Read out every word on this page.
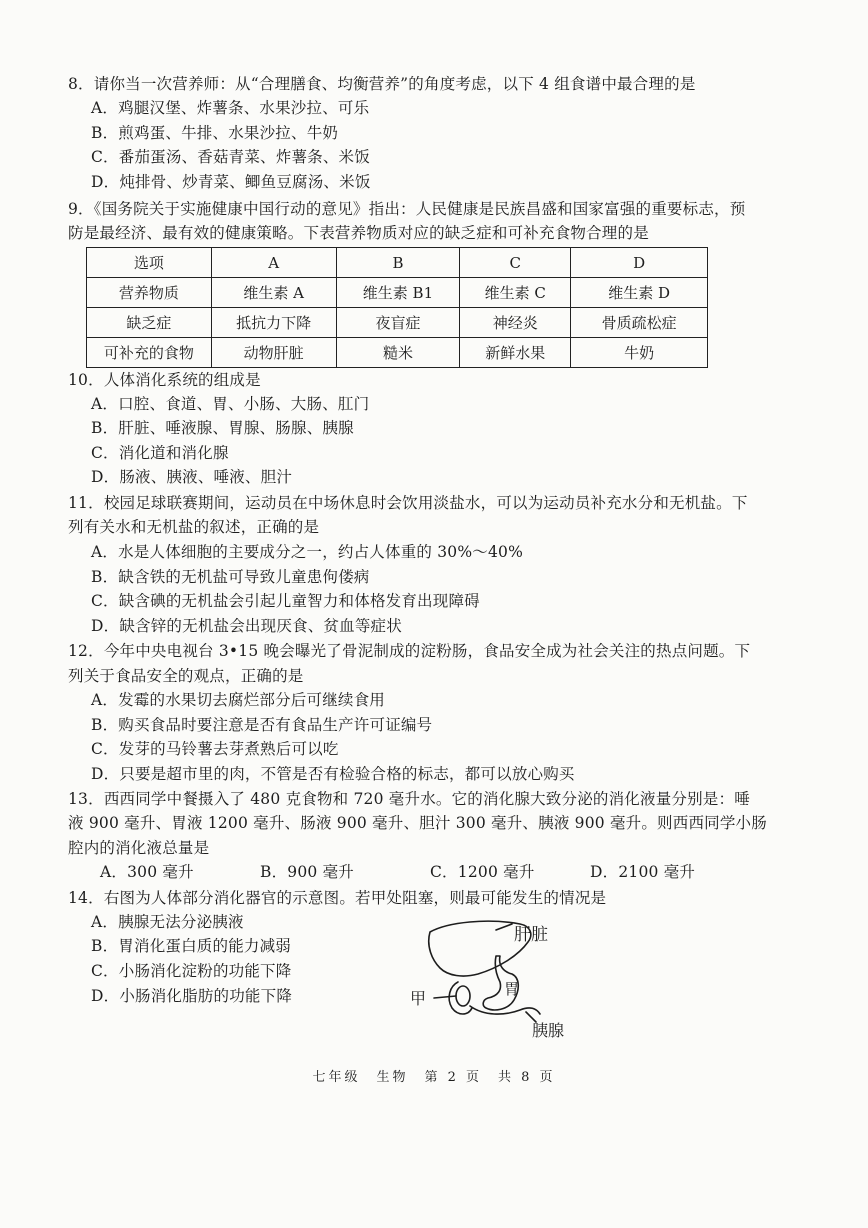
8．请你当一次营养师：从“合理膳食、均衡营养”的角度考虑，以下 4 组食谱中最合理的是
A．鸡腿汉堡、炸薯条、水果沙拉、可乐
B．煎鸡蛋、牛排、水果沙拉、牛奶
C．番茄蛋汤、香菇青菜、炸薯条、米饭
D．炖排骨、炒青菜、鲫鱼豆腐汤、米饭
9．《国务院关于实施健康中国行动的意见》指出：人民健康是民族昌盛和国家富强的重要标志，预
防是最经济、最有效的健康策略。下表营养物质对应的缺乏症和可补充食物合理的是
选项	A	B	C	D
营养物质	维生素 A	维生素 B1	维生素 C	维生素 D
缺乏症	抵抗力下降	夜盲症	神经炎	骨质疏松症
可补充的食物	动物肝脏	糙米	新鲜水果	牛奶
10．人体消化系统的组成是
A．口腔、食道、胃、小肠、大肠、肛门
B．肝脏、唾液腺、胃腺、肠腺、胰腺
C．消化道和消化腺
D．肠液、胰液、唾液、胆汁
11．校园足球联赛期间，运动员在中场休息时会饮用淡盐水，可以为运动员补充水分和无机盐。下
列有关水和无机盐的叙述，正确的是
A．水是人体细胞的主要成分之一，约占人体重的 30%～40%
B．缺含铁的无机盐可导致儿童患佝偻病
C．缺含碘的无机盐会引起儿童智力和体格发育出现障碍
D．缺含锌的无机盐会出现厌食、贫血等症状
12．今年中央电视台 3•15 晚会曝光了骨泥制成的淀粉肠，食品安全成为社会关注的热点问题。下
列关于食品安全的观点，正确的是
A．发霉的水果切去腐烂部分后可继续食用
B．购买食品时要注意是否有食品生产许可证编号
C．发芽的马铃薯去芽煮熟后可以吃
D．只要是超市里的肉，不管是否有检验合格的标志，都可以放心购买
13．西西同学中餐摄入了 480 克食物和 720 毫升水。它的消化腺大致分泌的消化液量分别是：唾
液 900 毫升、胃液 1200 毫升、肠液 900 毫升、胆汁 300 毫升、胰液 900 毫升。则西西同学小肠
腔内的消化液总量是
A．300 毫升	B．900 毫升	C．1200 毫升	D．2100 毫升
14．右图为人体部分消化器官的示意图。若甲处阻塞，则最可能发生的情况是
A．胰腺无法分泌胰液
B．胃消化蛋白质的能力减弱
C．小肠消化淀粉的功能下降
D．小肠消化脂肪的功能下降
肝脏
胃
甲
胰腺
七年级　生物　第 2 页　共 8 页
